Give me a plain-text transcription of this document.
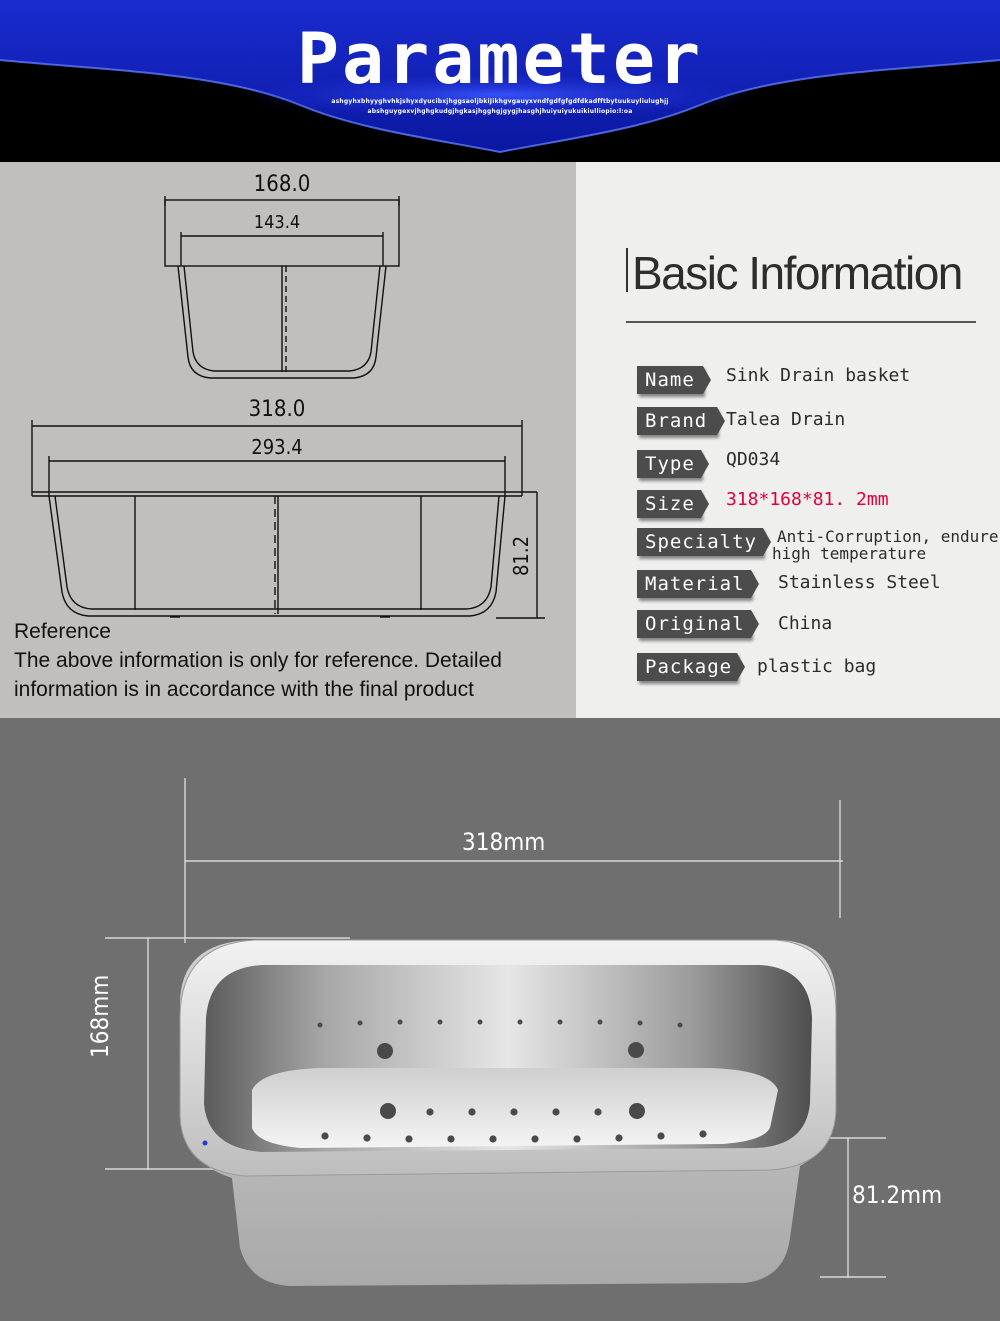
Parameter
ashgyhxbhyyghvhkjshyxdyucibxjhggsaoljbkiJikhgvgauyxvndfgdfgfgdfdkadfftbytuukuyliulughjj
abshguygexvjhghgkudgjhgkasjhgghgjgygjhasghjhuiyuiyukuikiulliopio:l:oa
168.0
143.4
318.0
293.4
81.2
Reference
The above information is only for reference. Detailed
information is in accordance with the final product
Basic Information
Name	Sink Drain basket
Brand	Talea Drain
Type	QD034
Size	318*168*81. 2mm
Specialty	Anti-Corruption, endure
high temperature
Material	Stainless Steel
Original	China
Package plastic bag
318mm
168mm
81.2mm
